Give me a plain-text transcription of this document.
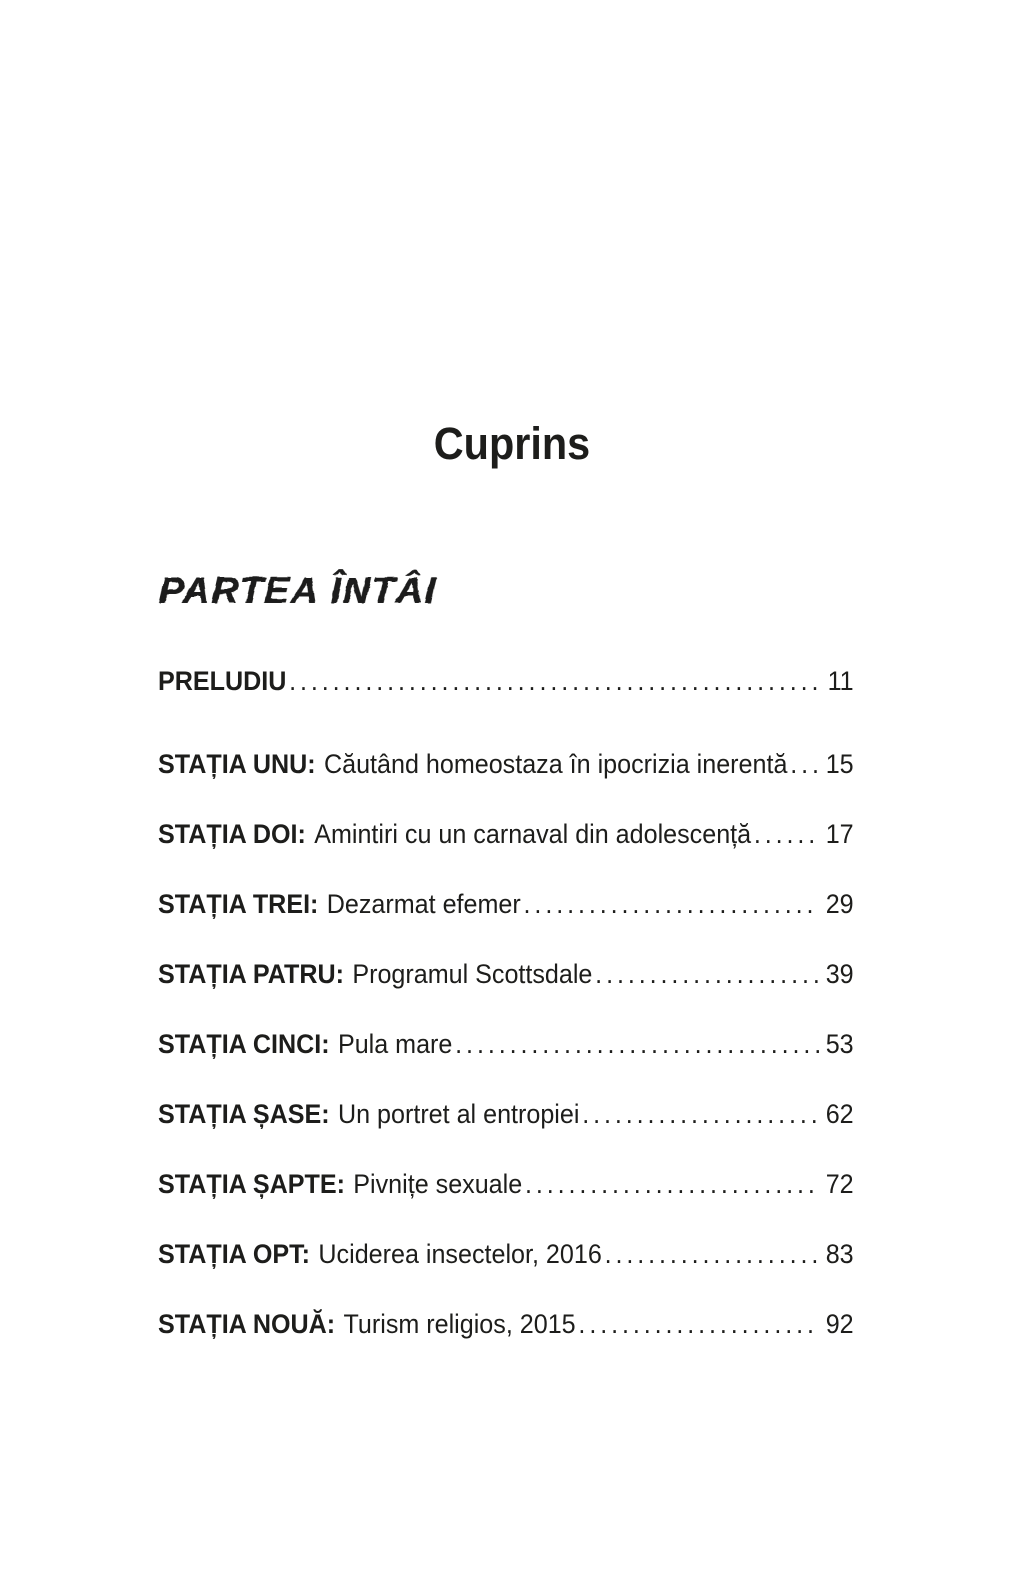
Cuprins
PARTEA ÎNTÂI
PRELUDIU .....	11
STAȚIA UNU: Căutând homeostaza în ipocrizia inerentă ..... 15
STAȚIA DOI: Amintiri cu un carnaval din adolescență .....	17
STAȚIA TREI: Dezarmat efemer .....	29
STAȚIA PATRU: Programul Scottsdale .....	39
STAȚIA CINCI: Pula mare .....	53
STAȚIA ȘASE: Un portret al entropiei .....	62
STAȚIA ȘAPTE: Pivnițe sexuale .....	72
STAȚIA OPT: Uciderea insectelor, 2016 .....	83
STAȚIA NOUĂ: Turism religios, 2015 .....	92
